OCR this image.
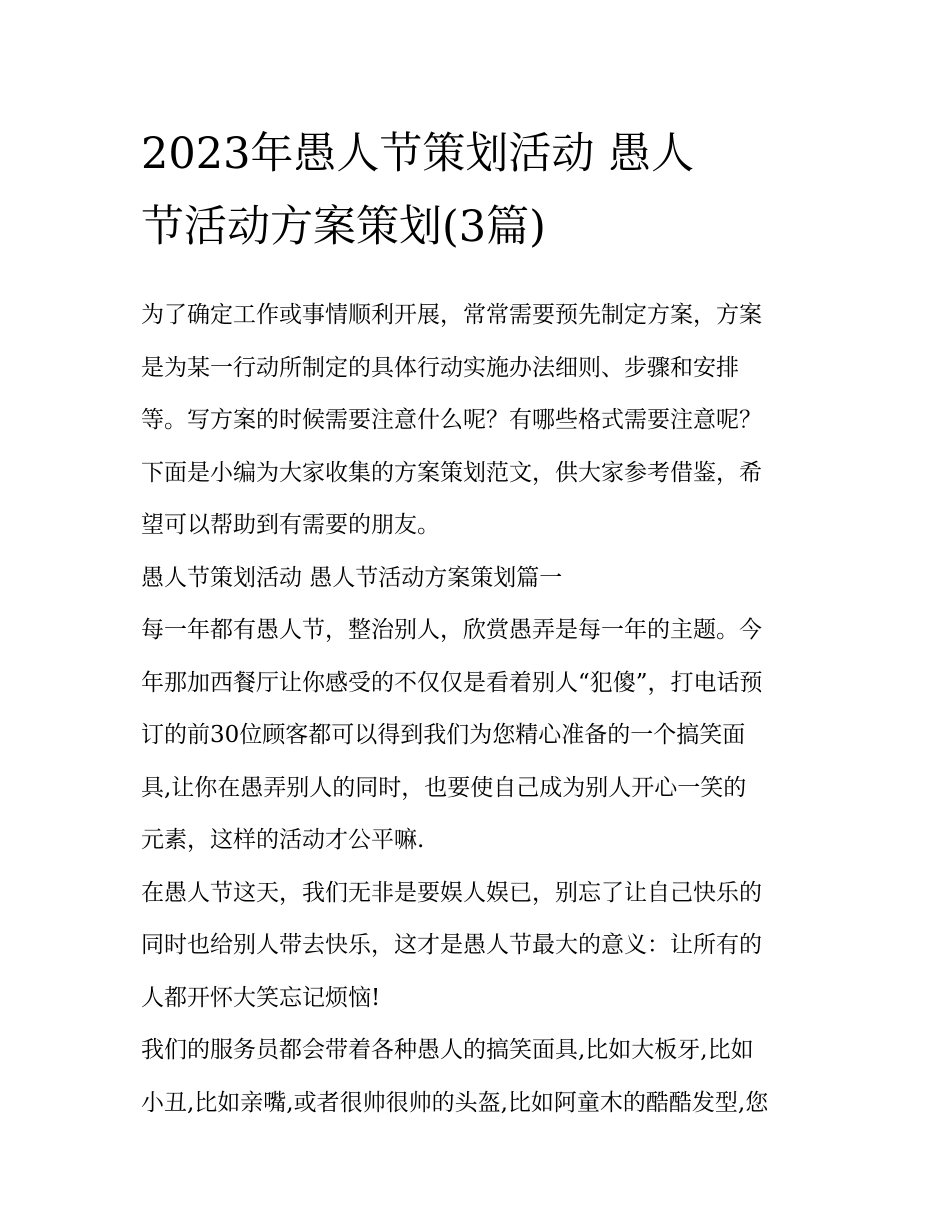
2023年愚人节策划活动 愚人
节活动方案策划(3篇)
为了确定工作或事情顺利开展，常常需要预先制定方案，方案
是为某一行动所制定的具体行动实施办法细则、步骤和安排
等。写方案的时候需要注意什么呢？有哪些格式需要注意呢？
下面是小编为大家收集的方案策划范文，供大家参考借鉴，希
望可以帮助到有需要的朋友。
愚人节策划活动 愚人节活动方案策划篇一
每一年都有愚人节，整治别人，欣赏愚弄是每一年的主题。今
年那加西餐厅让你感受的不仅仅是看着别人“犯傻”，打电话预
订的前30位顾客都可以得到我们为您精心准备的一个搞笑面
具,让你在愚弄别人的同时，也要使自己成为别人开心一笑的
元素，这样的活动才公平嘛.
在愚人节这天，我们无非是要娱人娱已，别忘了让自己快乐的
同时也给别人带去快乐，这才是愚人节最大的意义：让所有的
人都开怀大笑忘记烦恼!
我们的服务员都会带着各种愚人的搞笑面具,比如大板牙,比如
小丑,比如亲嘴,或者很帅很帅的头盔,比如阿童木的酷酷发型,您
